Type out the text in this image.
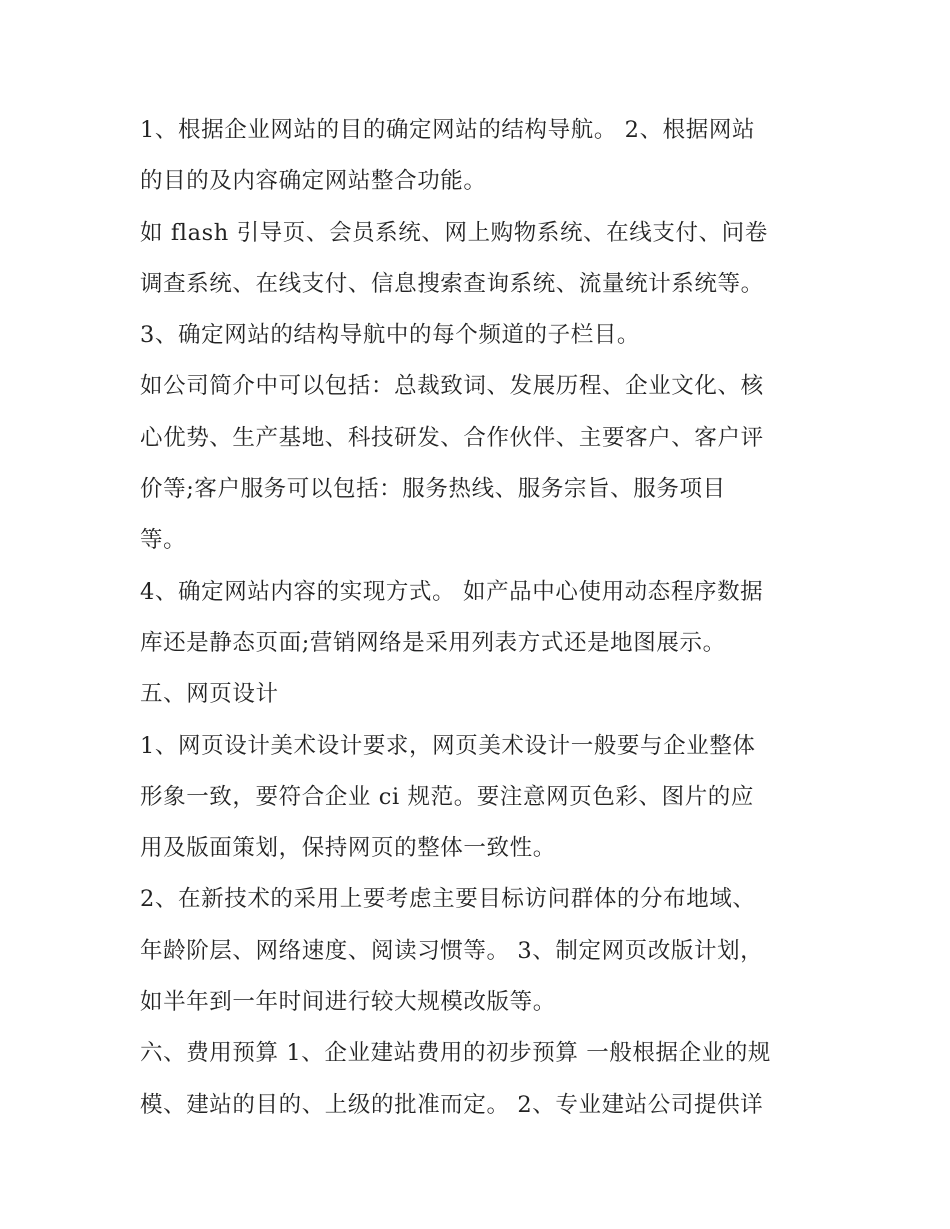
1、根据企业网站的目的确定网站的结构导航。 2、根据网站
的目的及内容确定网站整合功能。
如 flash 引导页、会员系统、网上购物系统、在线支付、问卷
调查系统、在线支付、信息搜索查询系统、流量统计系统等。
3、确定网站的结构导航中的每个频道的子栏目。
如公司简介中可以包括：总裁致词、发展历程、企业文化、核
心优势、生产基地、科技研发、合作伙伴、主要客户、客户评
价等;客户服务可以包括：服务热线、服务宗旨、服务项目
等。
4、确定网站内容的实现方式。 如产品中心使用动态程序数据
库还是静态页面;营销网络是采用列表方式还是地图展示。
五、网页设计
1、网页设计美术设计要求，网页美术设计一般要与企业整体
形象一致，要符合企业 ci 规范。要注意网页色彩、图片的应
用及版面策划，保持网页的整体一致性。
2、在新技术的采用上要考虑主要目标访问群体的分布地域、
年龄阶层、网络速度、阅读习惯等。 3、制定网页改版计划，
如半年到一年时间进行较大规模改版等。
六、费用预算 1、企业建站费用的初步预算 一般根据企业的规
模、建站的目的、上级的批准而定。 2、专业建站公司提供详
